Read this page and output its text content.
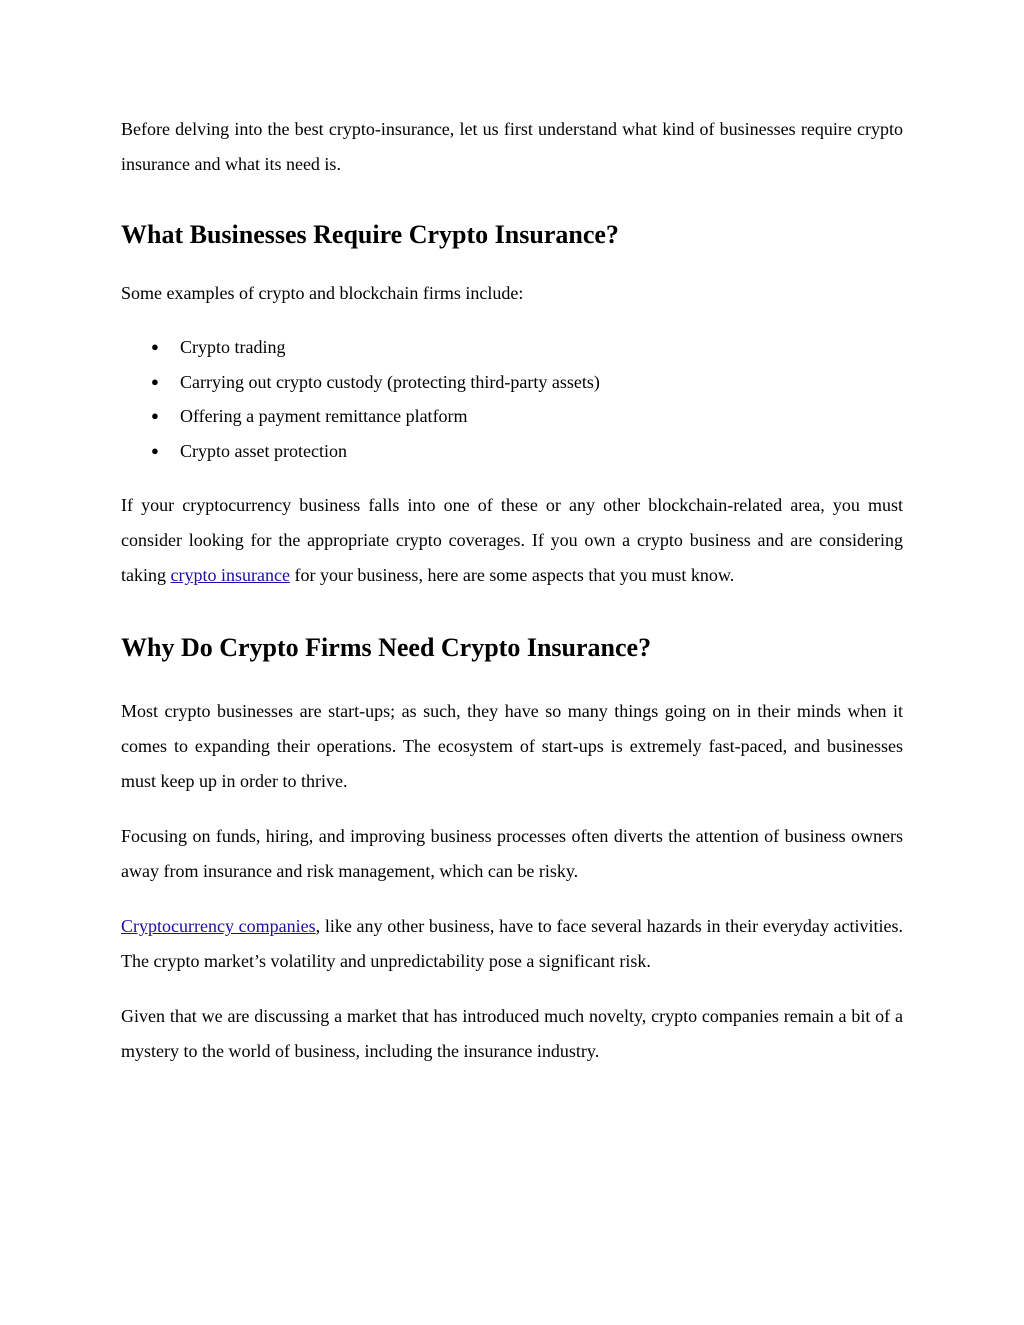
Before delving into the best crypto-insurance, let us first understand what kind of businesses require crypto insurance and what its need is.

What Businesses Require Crypto Insurance?

Some examples of crypto and blockchain firms include:

● Crypto trading
● Carrying out crypto custody (protecting third-party assets)
● Offering a payment remittance platform
● Crypto asset protection

If your cryptocurrency business falls into one of these or any other blockchain-related area, you must consider looking for the appropriate crypto coverages. If you own a crypto business and are considering taking crypto insurance for your business, here are some aspects that you must know.

Why Do Crypto Firms Need Crypto Insurance?

Most crypto businesses are start-ups; as such, they have so many things going on in their minds when it comes to expanding their operations. The ecosystem of start-ups is extremely fast-paced, and businesses must keep up in order to thrive.

Focusing on funds, hiring, and improving business processes often diverts the attention of business owners away from insurance and risk management, which can be risky.

Cryptocurrency companies, like any other business, have to face several hazards in their everyday activities. The crypto market’s volatility and unpredictability pose a significant risk.

Given that we are discussing a market that has introduced much novelty, crypto companies remain a bit of a mystery to the world of business, including the insurance industry.
